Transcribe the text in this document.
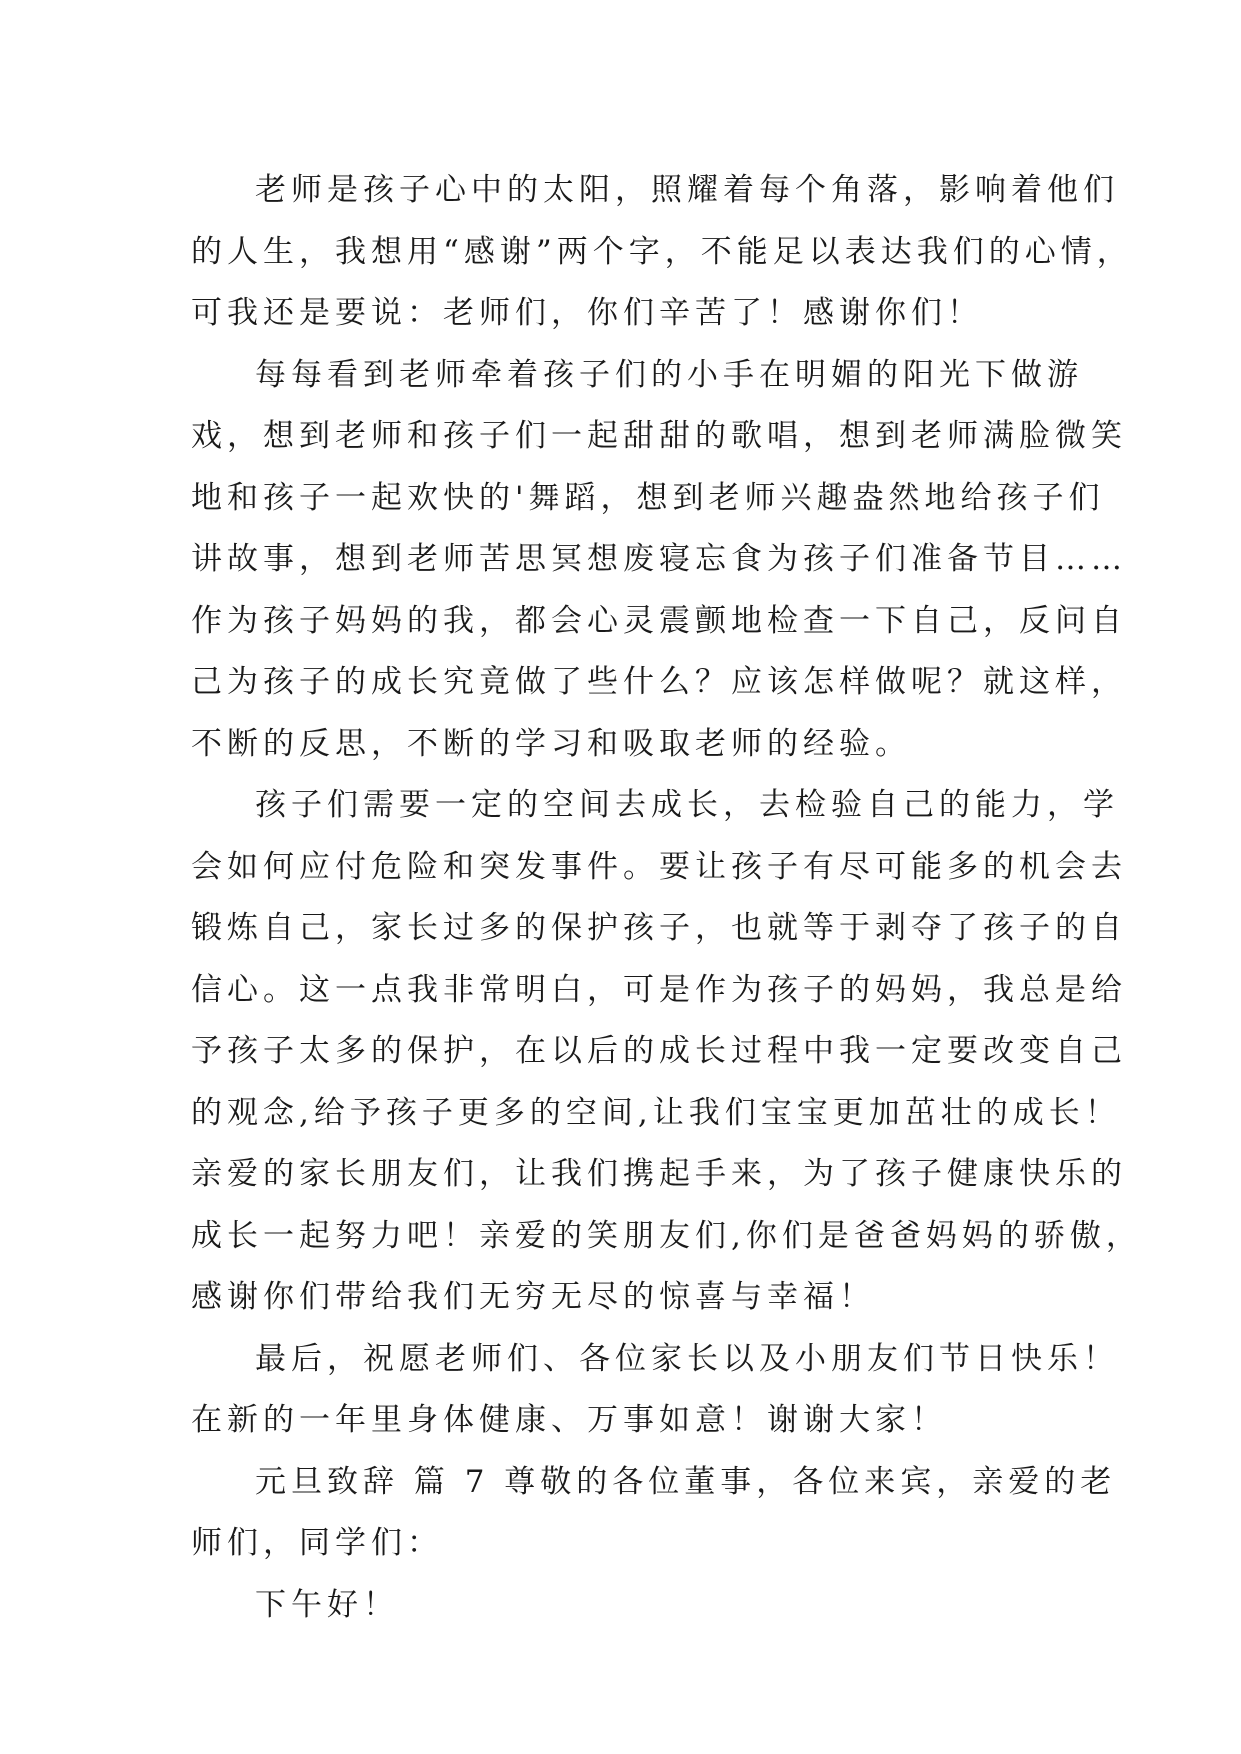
老师是孩子心中的太阳，照耀着每个角落，影响着他们
的人生，我想用“感谢”两个字，不能足以表达我们的心情，
可我还是要说：老师们，你们辛苦了！感谢你们！
每每看到老师牵着孩子们的小手在明媚的阳光下做游
戏，想到老师和孩子们一起甜甜的歌唱，想到老师满脸微笑
地和孩子一起欢快的'舞蹈，想到老师兴趣盎然地给孩子们
讲故事，想到老师苦思冥想废寝忘食为孩子们准备节目……
作为孩子妈妈的我，都会心灵震颤地检查一下自己，反问自
己为孩子的成长究竟做了些什么？应该怎样做呢？就这样，
不断的反思，不断的学习和吸取老师的经验。
孩子们需要一定的空间去成长，去检验自己的能力，学
会如何应付危险和突发事件。要让孩子有尽可能多的机会去
锻炼自己，家长过多的保护孩子，也就等于剥夺了孩子的自
信心。这一点我非常明白，可是作为孩子的妈妈，我总是给
予孩子太多的保护，在以后的成长过程中我一定要改变自己
的观念,给予孩子更多的空间,让我们宝宝更加茁壮的成长！
亲爱的家长朋友们，让我们携起手来，为了孩子健康快乐的
成长一起努力吧！亲爱的笑朋友们,你们是爸爸妈妈的骄傲，
感谢你们带给我们无穷无尽的惊喜与幸福！
最后，祝愿老师们、各位家长以及小朋友们节日快乐！
在新的一年里身体健康、万事如意！谢谢大家！
元旦致辞 篇 7 尊敬的各位董事，各位来宾，亲爱的老
师们，同学们：
下午好！
